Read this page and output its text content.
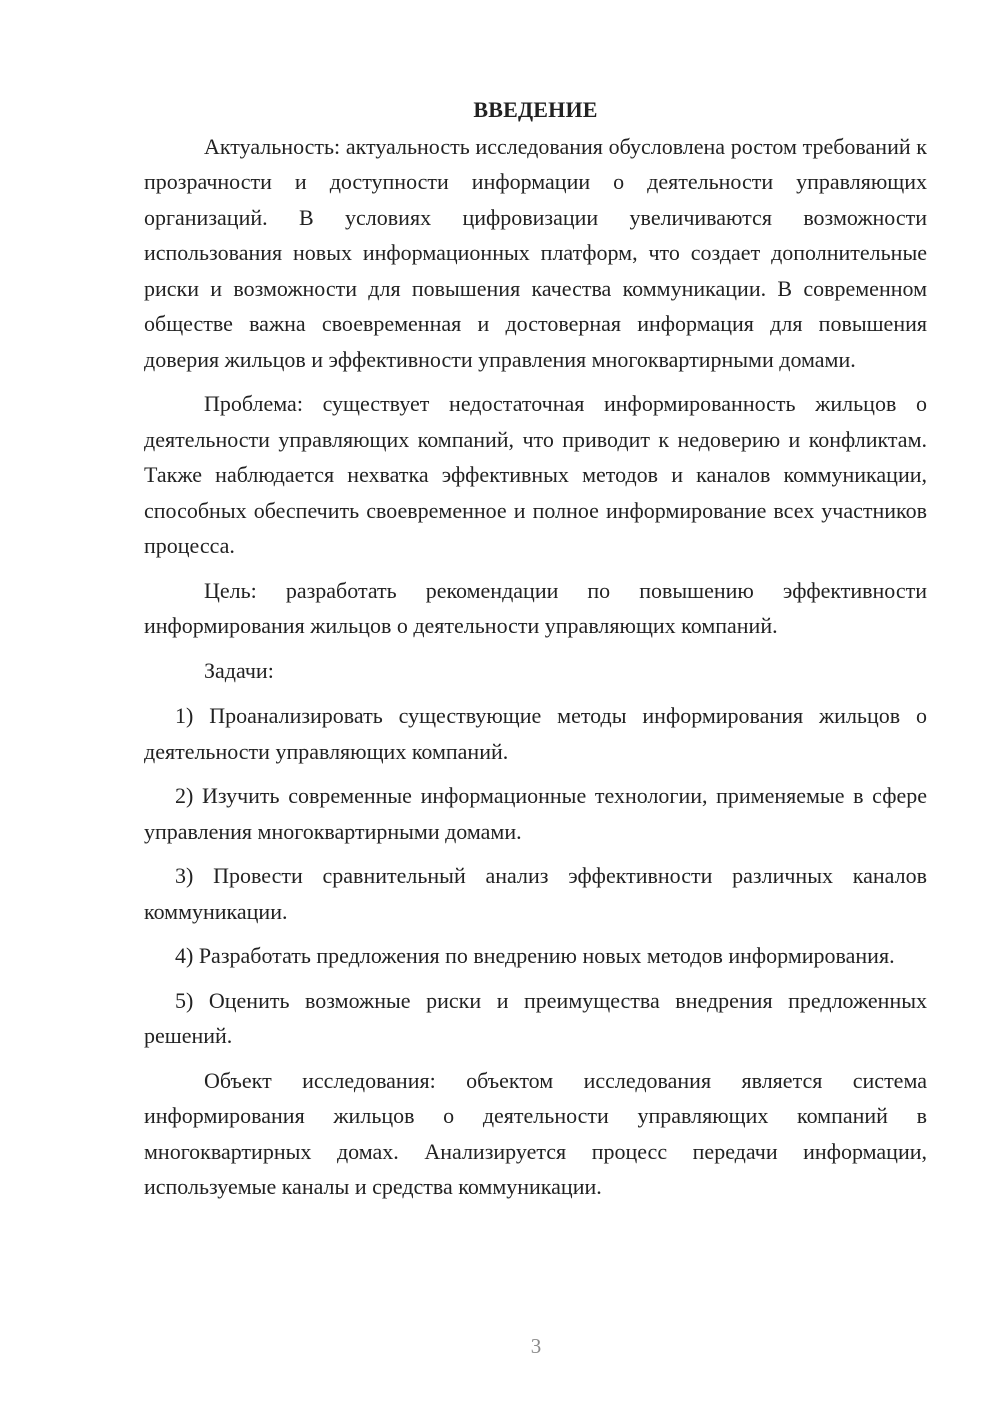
ВВЕДЕНИЕ

Актуальность: актуальность исследования обусловлена ростом требований к прозрачности и доступности информации о деятельности управляющих организаций. В условиях цифровизации увеличиваются возможности использования новых информационных платформ, что создает дополнительные риски и возможности для повышения качества коммуникации. В современном обществе важна своевременная и достоверная информация для повышения доверия жильцов и эффективности управления многоквартирными домами.

Проблема: существует недостаточная информированность жильцов о деятельности управляющих компаний, что приводит к недоверию и конфликтам. Также наблюдается нехватка эффективных методов и каналов коммуникации, способных обеспечить своевременное и полное информирование всех участников процесса.

Цель: разработать рекомендации по повышению эффективности информирования жильцов о деятельности управляющих компаний.

Задачи:

1) Проанализировать существующие методы информирования жильцов о деятельности управляющих компаний.

2) Изучить современные информационные технологии, применяемые в сфере управления многоквартирными домами.

3) Провести сравнительный анализ эффективности различных каналов коммуникации.

4) Разработать предложения по внедрению новых методов информирования.

5) Оценить возможные риски и преимущества внедрения предложенных решений.

Объект исследования: объектом исследования является система информирования жильцов о деятельности управляющих компаний в многоквартирных домах. Анализируется процесс передачи информации, используемые каналы и средства коммуникации.

3
